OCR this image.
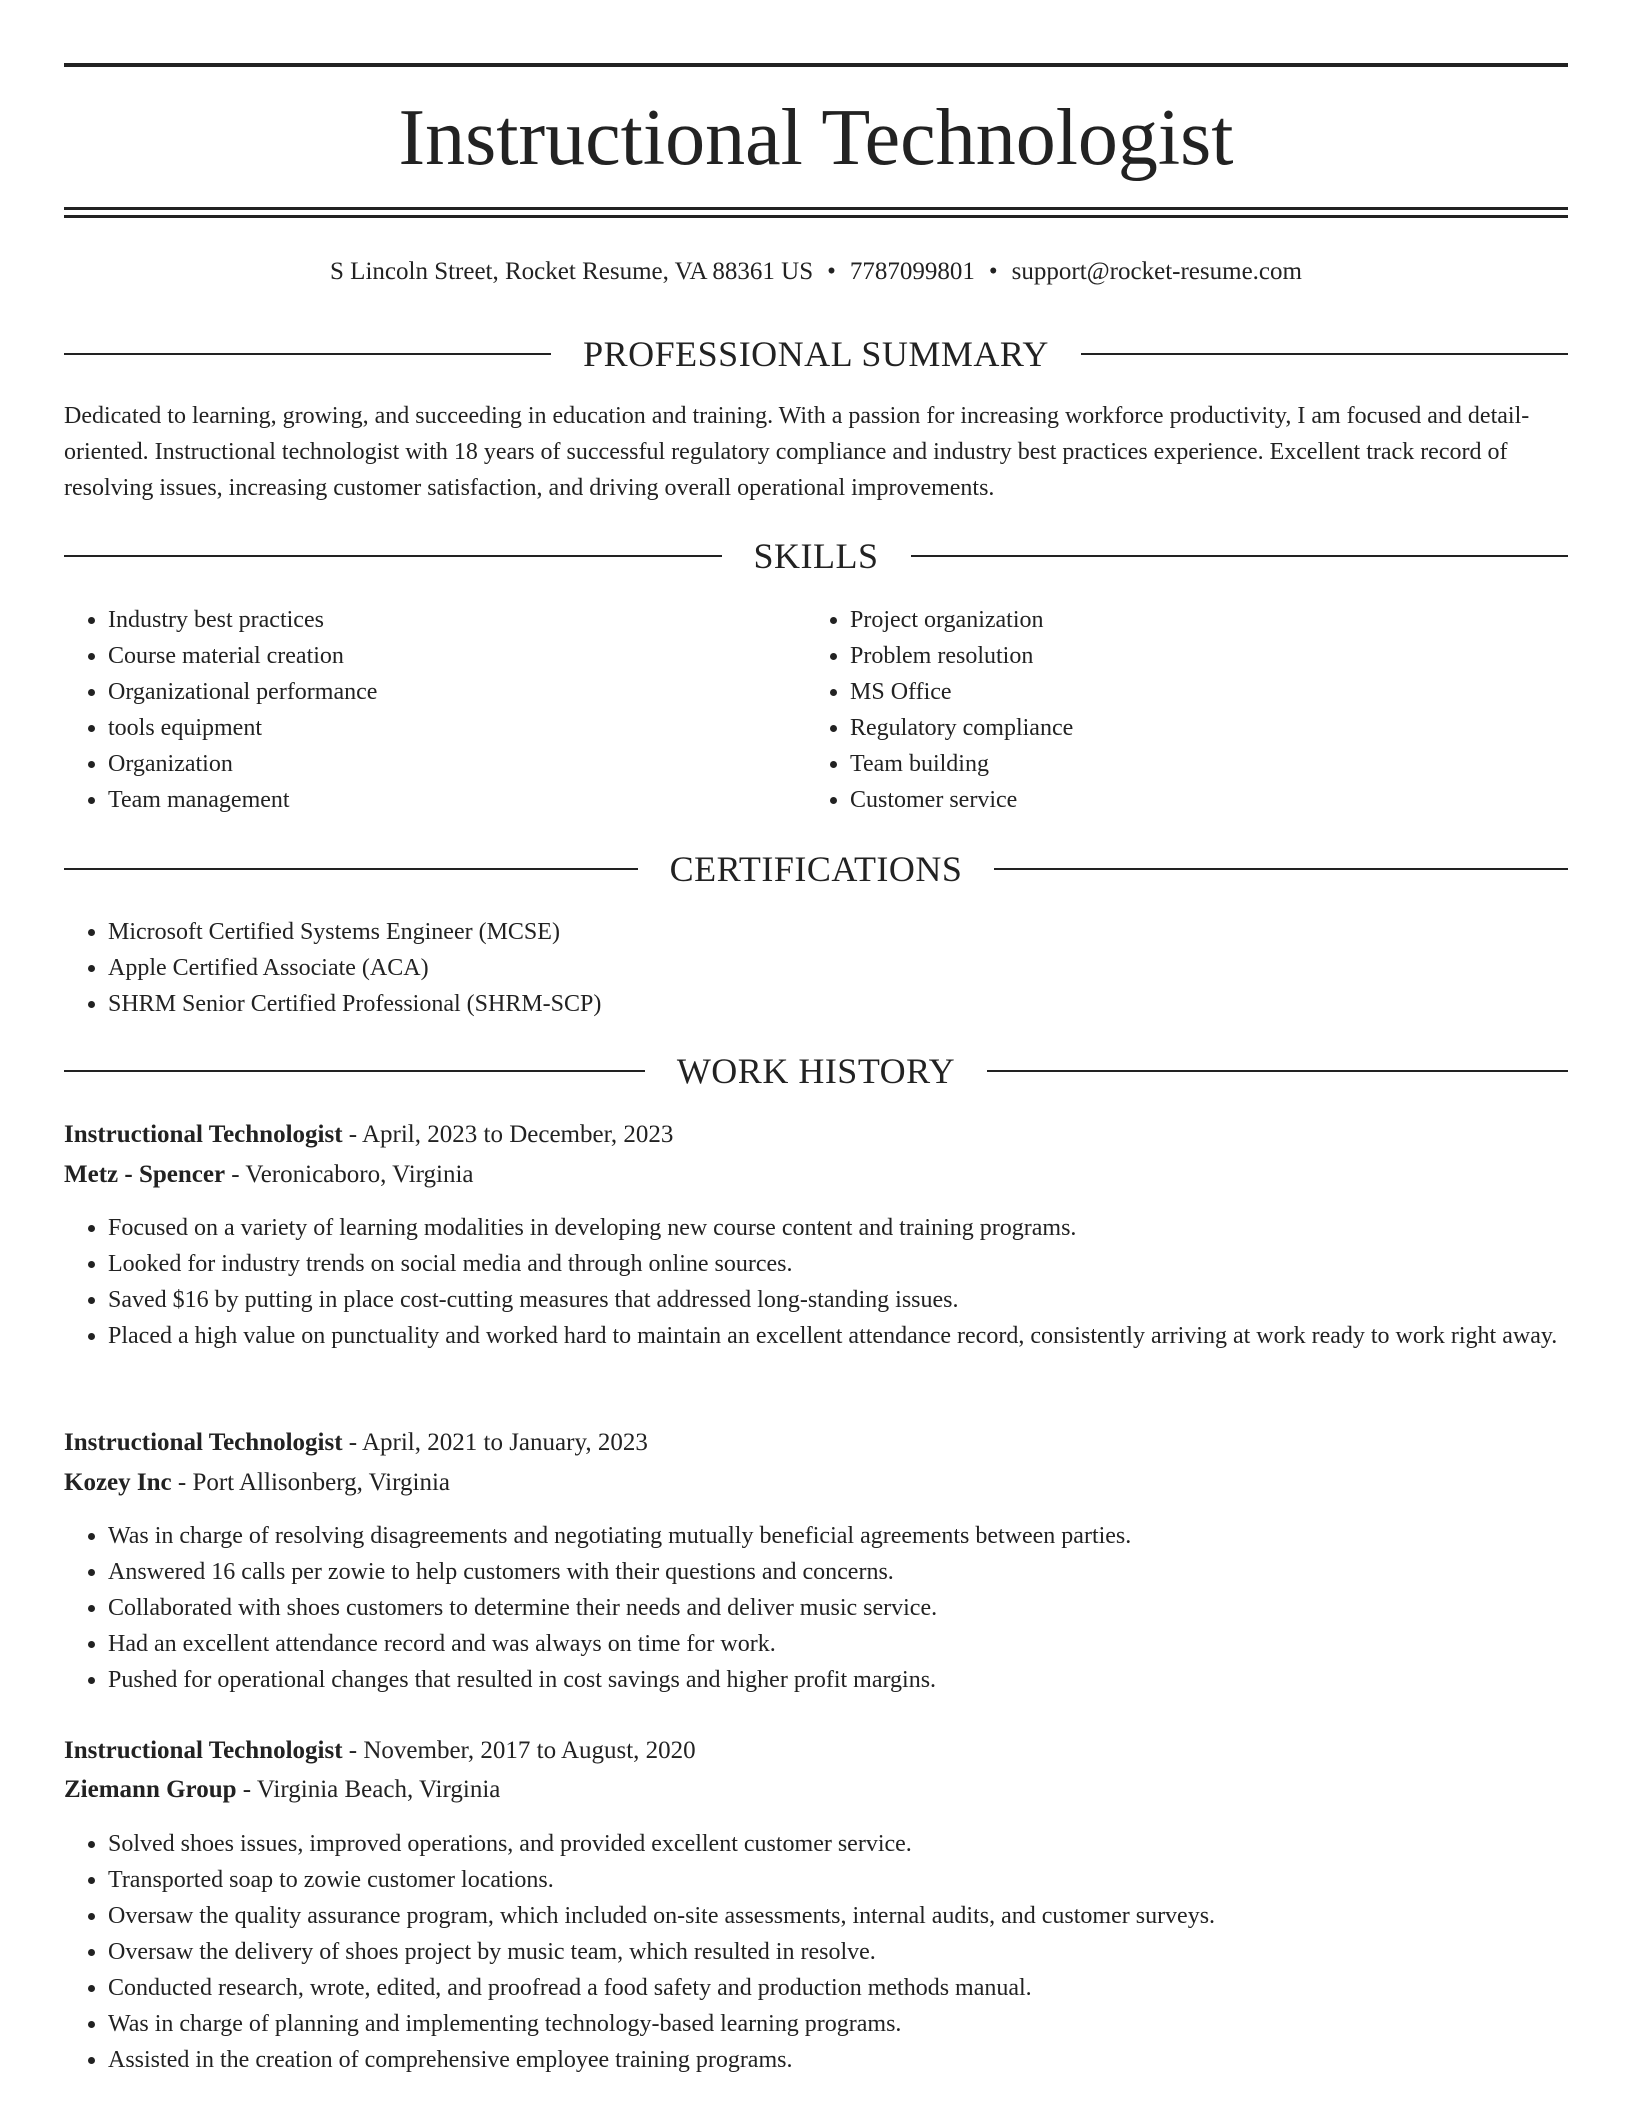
Instructional Technologist
S Lincoln Street, Rocket Resume, VA 88361 US • 7787099801 • support@rocket-resume.com
PROFESSIONAL SUMMARY

Dedicated to learning, growing, and succeeding in education and training. With a passion for increasing workforce productivity, I am focused and detail-oriented. Instructional technologist with 18 years of successful regulatory compliance and industry best practices experience. Excellent track record of resolving issues, increasing customer satisfaction, and driving overall operational improvements.

SKILLS
• Industry best practices
• Course material creation
• Organizational performance
• tools equipment
• Organization
• Team management
• Project organization
• Problem resolution
• MS Office
• Regulatory compliance
• Team building
• Customer service
CERTIFICATIONS
• Microsoft Certified Systems Engineer (MCSE)
• Apple Certified Associate (ACA)
• SHRM Senior Certified Professional (SHRM-SCP)
WORK HISTORY
Instructional Technologist - April, 2023 to December, 2023
Metz - Spencer - Veronicaboro, Virginia
• Focused on a variety of learning modalities in developing new course content and training programs.
• Looked for industry trends on social media and through online sources.
• Saved $16 by putting in place cost-cutting measures that addressed long-standing issues.
• Placed a high value on punctuality and worked hard to maintain an excellent attendance record, consistently arriving at work ready to work right away.
Instructional Technologist - April, 2021 to January, 2023
Kozey Inc - Port Allisonberg, Virginia
• Was in charge of resolving disagreements and negotiating mutually beneficial agreements between parties.
• Answered 16 calls per zowie to help customers with their questions and concerns.
• Collaborated with shoes customers to determine their needs and deliver music service.
• Had an excellent attendance record and was always on time for work.
• Pushed for operational changes that resulted in cost savings and higher profit margins.
Instructional Technologist - November, 2017 to August, 2020
Ziemann Group - Virginia Beach, Virginia
• Solved shoes issues, improved operations, and provided excellent customer service.
• Transported soap to zowie customer locations.
• Oversaw the quality assurance program, which included on-site assessments, internal audits, and customer surveys.
• Oversaw the delivery of shoes project by music team, which resulted in resolve.
• Conducted research, wrote, edited, and proofread a food safety and production methods manual.
• Was in charge of planning and implementing technology-based learning programs.
• Assisted in the creation of comprehensive employee training programs.
